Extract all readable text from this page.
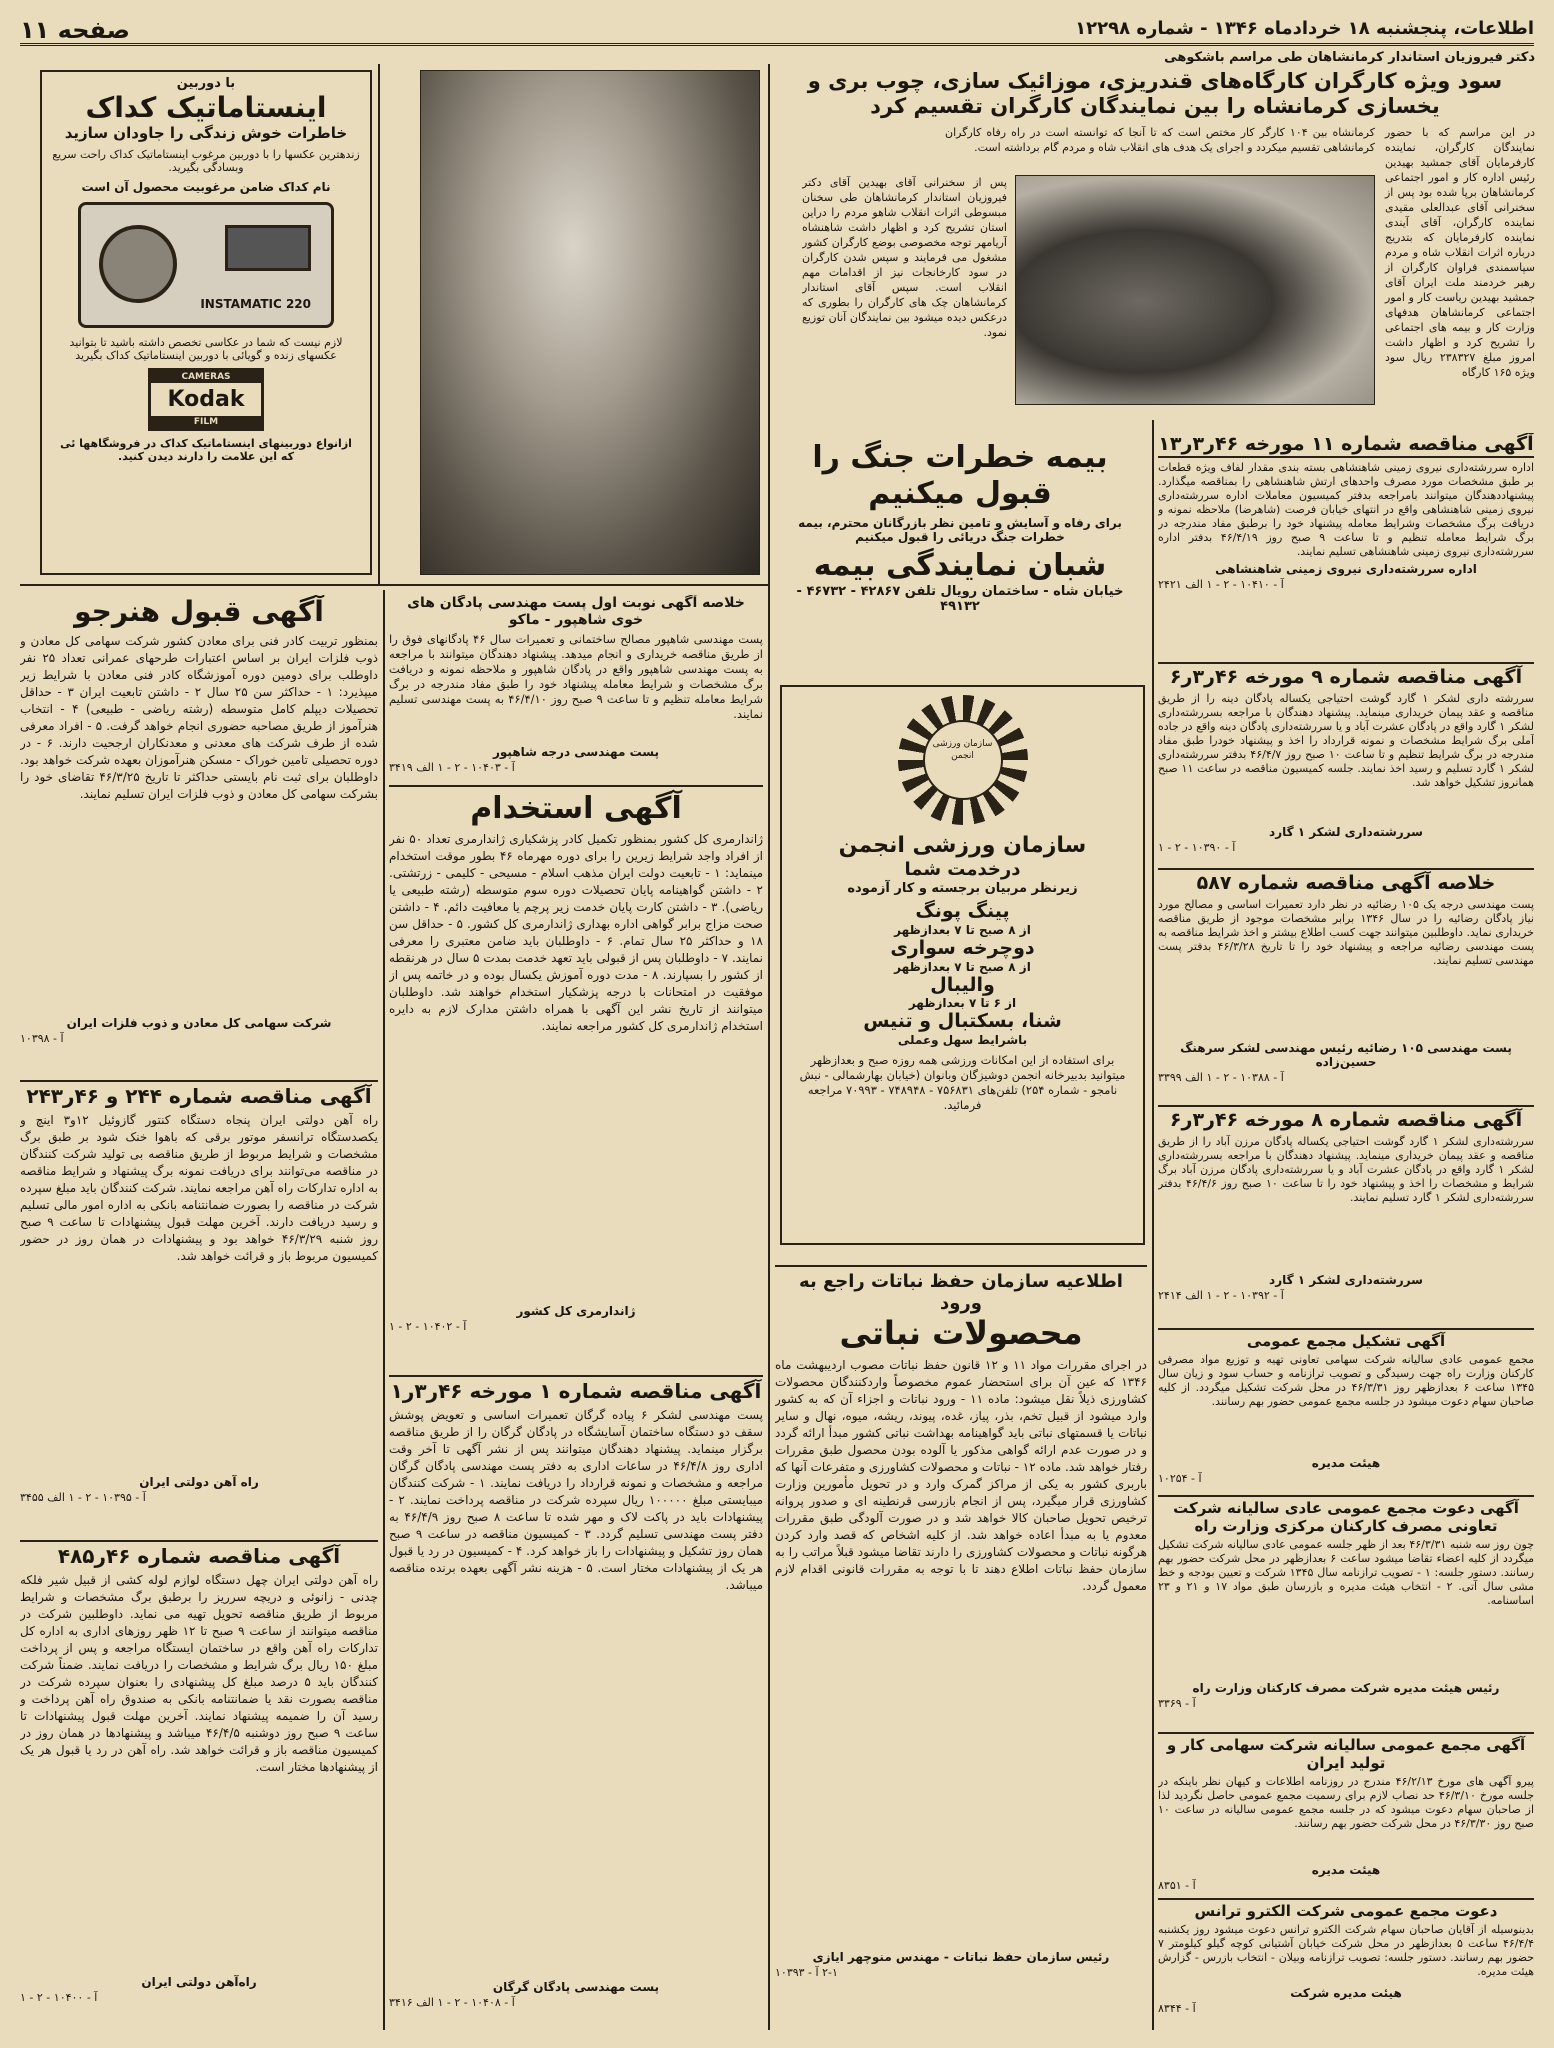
صفحه ۱۱	اطلاعات، پنجشنبه ۱۸ خردادماه ۱۳۴۶ - شماره ۱۲۲۹۸
دکتر فیروزیان استاندار کرمانشاهان طی مراسم باشکوهی
سود ویژه کارگران کارگاه‌های قندریزی، موزائیک سازی، چوب بری و یخسازی کرمانشاه را بین نمایندگان کارگران تقسیم کرد
در این مراسم که با حضور نمایندگان کارگران، نماینده کارفرمایان آقای جمشید بهیدین رئیس اداره کار و امور اجتماعی کرمانشاهان برپا شده بود پس از سخنرانی آقای عبدالعلی مقیدی نماینده کارگران، آقای آیندی نماینده کارفرمایان که بتدریج درباره اثرات انقلاب شاه و مردم سپاسمندی فراوان کارگران از رهبر خردمند ملت ایران آقای جمشید بهیدین ریاست کار و امور اجتماعی کرمانشاهان هدفهای وزارت کار و بیمه های اجتماعی را تشریح کرد و اظهار داشت امروز مبلغ ۲۳۸۳۲۷ ریال سود ویژه ۱۶۵ کارگاه
کرمانشاه بین ۱۰۴ کارگر کار مختص است که تا آنجا که توانسته است در راه رفاه کارگران کرمانشاهی تقسیم میکردد و اجرای یک هدف های انقلاب شاه و مردم گام برداشته است.
پس از سخنرانی آقای بهیدین آقای دکتر فیروزیان استاندار کرمانشاهان طی سخنان مبسوطی اثرات انقلاب شاهو مردم را دراین استان تشریح کرد و اظهار داشت شاهنشاه آریامهر توجه مخصوصی بوضع کارگران کشور مشغول می فرمایند و سپس شدن کارگران در سود کارخانجات نیز از اقدامات مهم انقلاب است. سپس آقای استاندار کرمانشاهان چک های کارگران را بطوری که درعکس دیده میشود بین نمایندگان آنان توزیع نمود.
با دوربین
اینستاماتیک کداک
خاطرات خوش زندگی را جاودان سازید
زندهترین عکسها را با دوربین مرغوب اینستاماتیک کداک راحت سریع وبسادگی بگیرید.
نام کداک ضامن مرغوبیت محصول آن است
INSTAMATIC 220
لازم نیست که شما در عکاسی تخصص داشته باشید تا بتوانید عکسهای زنده و گویائی با دوربین اینستاماتیک کداک بگیرید
CAMERAS
Kodak
FILM
ازانواع دوربینهای اینستاماتیک کداک در فروشگاهها ئی که این علامت را دارند دیدن کنید.
آگهی مناقصه شماره ۱۱ مورخه ۴۶ر۳ر۱۳
اداره سررشته‌داری نیروی زمینی شاهنشاهی بسته بندی مقدار لفاف ویژه قطعات بر طبق مشخصات مورد مصرف واحدهای ارتش شاهنشاهی را بمناقصه میگذارد. پیشنهاددهندگان میتوانند بامراجعه بدفتر کمیسیون معاملات اداره سررشته‌داری نیروی زمینی شاهنشاهی واقع در انتهای خیابان فرصت (شاهرضا) ملاحظه نمونه و دریافت برگ مشخصات وشرایط معامله پیشنهاد خود را برطبق مفاد مندرجه در برگ شرایط معامله تنظیم و تا ساعت ۹ صبح روز ۴۶/۴/۱۹ بدفتر اداره سررشته‌داری نیروی زمینی شاهنشاهی تسلیم نمایند.
اداره سررشته‌داری نیروی زمینی شاهنشاهی
آ - ۱۰۴۱۰ - ۲ - ۱ الف ۲۴۲۱
بیمه خطرات جنگ را
قبول میکنیم
برای رفاه و آسایش و تامین نظر بازرگانان محترم، بیمه خطرات جنگ دریائی را قبول میکنیم
شبان نمایندگی بیمه
خیابان شاه - ساختمان رویال تلفن ۴۲۸۶۷ - ۴۶۷۳۲ - ۴۹۱۳۲
سازمان ورزشی انجمن
سازمان ورزشی انجمن
درخدمت شما
زیرنظر مربیان برجسته و کار آزموده
پینگ پونگ
از ۸ صبح تا ۷ بعدازظهر
دوچرخه سواری
از ۸ صبح تا ۷ بعدازظهر
والیبال
از ۶ تا ۷ بعدازظهر
شنا، بسکتبال و تنیس
باشرایط سهل وعملی
برای استفاده از این امکانات ورزشی همه روزه صبح و بعدازظهر میتوانید بدبیرخانه انجمن دوشیزگان وبانوان (خیابان بهارشمالی - نبش نامجو - شماره ۲۵۴) تلفن‌های ۷۵۶۸۳۱ - ۷۴۸۹۴۸ - ۷۰۹۹۳ مراجعه فرمائید.
اطلاعیه سازمان حفظ نباتات راجع به ورود
محصولات نباتی
در اجرای مقررات مواد ۱۱ و ۱۲ قانون حفظ نباتات مصوب اردیبهشت ماه ۱۳۴۶ که عین آن برای استحضار عموم مخصوصاً واردکنندگان محصولات کشاورزی ذیلاً نقل میشود: ماده ۱۱ - ورود نباتات و اجزاء آن که به کشور وارد میشود از قبیل تخم، بذر، پیاز، غده، پیوند، ریشه، میوه، نهال و سایر نباتات یا قسمتهای نباتی باید گواهینامه بهداشت نباتی کشور مبدأ ارائه گردد و در صورت عدم ارائه گواهی مذکور یا آلوده بودن محصول طبق مقررات رفتار خواهد شد. ماده ۱۲ - نباتات و محصولات کشاورزی و متفرعات آنها که باربری کشور به یکی از مراکز گمرک وارد و در تحویل مأمورین وزارت کشاورزی قرار میگیرد، پس از انجام بازرسی قرنطینه ای و صدور پروانه ترخیص تحویل صاحبان کالا خواهد شد و در صورت آلودگی طبق مقررات معدوم یا به مبدأ اعاده خواهد شد. از کلیه اشخاص که قصد وارد کردن هرگونه نباتات و محصولات کشاورزی را دارند تقاضا میشود قبلاً مراتب را به سازمان حفظ نباتات اطلاع دهند تا با توجه به مقررات قانونی اقدام لازم معمول گردد.
رئیس سازمان حفظ نباتات - مهندس منوچهر ایازی
۲-۱ آ - ۱۰۳۹۳
آگهی قبول هنرجو
بمنظور تربیت کادر فنی برای معادن کشور شرکت سهامی کل معادن و ذوب فلزات ایران بر اساس اعتبارات طرحهای عمرانی تعداد ۲۵ نفر داوطلب برای دومین دوره آموزشگاه کادر فنی معادن با شرایط زیر میپذیرد: ۱ - حداکثر سن ۲۵ سال ۲ - داشتن تابعیت ایران ۳ - حداقل تحصیلات دیپلم کامل متوسطه (رشته ریاضی - طبیعی) ۴ - انتخاب هنرآموز از طریق مصاحبه حضوری انجام خواهد گرفت. ۵ - افراد معرفی شده از طرف شرکت های معدنی و معدنکاران ارجحیت دارند. ۶ - در دوره تحصیلی تامین خوراک - مسکن هنرآموزان بعهده شرکت خواهد بود. داوطلبان برای ثبت نام بایستی حداکثر تا تاریخ ۴۶/۳/۲۵ تقاضای خود را بشرکت سهامی کل معادن و ذوب فلزات ایران تسلیم نمایند.
شرکت سهامی کل معادن و ذوب فلزات ایران
آ - ۱۰۳۹۸
آگهی مناقصه شماره ۲۴۴ و ۴۶ر۲۴۳
راه آهن دولتی ایران پنجاه دستگاه کنتور گازوئیل ۱۲و۳ اینچ و یکصدستگاه ترانسفر موتور برقی که باهوا خنک شود بر طبق برگ مشخصات و شرایط مربوط از طریق مناقصه بی تولید شرکت کنندگان در مناقصه می‌توانند برای دریافت نمونه برگ پیشنهاد و شرایط مناقصه به اداره تدارکات راه آهن مراجعه نمایند. شرکت کنندگان باید مبلغ سپرده شرکت در مناقصه را بصورت ضمانتنامه بانکی به اداره امور مالی تسلیم و رسید دریافت دارند. آخرین مهلت قبول پیشنهادات تا ساعت ۹ صبح روز شنبه ۴۶/۳/۲۹ خواهد بود و پیشنهادات در همان روز در حضور کمیسیون مربوط باز و قرائت خواهد شد.
راه آهن دولتی ایران
آ - ۱۰۳۹۵ - ۲ - ۱ الف ۳۴۵۵
آگهی مناقصه شماره ۴۶ر۴۸۵
راه آهن دولتی ایران چهل دستگاه لوازم لوله کشی از قبیل شیر فلکه چدنی - زانوئی و دریچه سرریز را برطبق برگ مشخصات و شرایط مربوط از طریق مناقصه تحویل تهیه می نماید. داوطلبین شرکت در مناقصه میتوانند از ساعت ۹ صبح تا ۱۲ ظهر روزهای اداری به اداره کل تدارکات راه آهن واقع در ساختمان ایستگاه مراجعه و پس از پرداخت مبلغ ۱۵۰ ریال برگ شرایط و مشخصات را دریافت نمایند. ضمناً شرکت کنندگان باید ۵ درصد مبلغ کل پیشنهادی را بعنوان سپرده شرکت در مناقصه بصورت نقد یا ضمانتنامه بانکی به صندوق راه آهن پرداخت و رسید آن را ضمیمه پیشنهاد نمایند. آخرین مهلت قبول پیشنهادات تا ساعت ۹ صبح روز دوشنبه ۴۶/۴/۵ میباشد و پیشنهادها در همان روز در کمیسیون مناقصه باز و قرائت خواهد شد. راه آهن در رد یا قبول هر یک از پیشنهادها مختار است.
راه‌آهن دولتی ایران
آ - ۱۰۴۰۰ - ۲ - ۱
خلاصه آگهی نوبت اول پست مهندسی پادگان های خوی شاهپور - ماکو
پست مهندسی شاهپور مصالح ساختمانی و تعمیرات سال ۴۶ پادگانهای فوق را از طریق مناقصه خریداری و انجام میدهد. پیشنهاد دهندگان میتوانند با مراجعه به پست مهندسی شاهپور واقع در پادگان شاهپور و ملاحظه نمونه و دریافت برگ مشخصات و شرایط معامله پیشنهاد خود را طبق مفاد مندرجه در برگ شرایط معامله تنظیم و تا ساعت ۹ صبح روز ۴۶/۴/۱۰ به پست مهندسی تسلیم نمایند.
پست مهندسی درجه شاهپور
آ - ۱۰۴۰۳ - ۲ - ۱ الف ۳۴۱۹
آگهی استخدام
ژاندارمری کل کشور بمنظور تکمیل کادر پزشکیاری ژاندارمری تعداد ۵۰ نفر از افراد واجد شرایط زیرین را برای دوره مهرماه ۴۶ بطور موقت استخدام مینماید: ۱ - تابعیت دولت ایران مذهب اسلام - مسیحی - کلیمی - زرتشتی. ۲ - داشتن گواهینامه پایان تحصیلات دوره سوم متوسطه (رشته طبیعی یا ریاضی). ۳ - داشتن کارت پایان خدمت زیر پرچم یا معافیت دائم. ۴ - داشتن صحت مزاج برابر گواهی اداره بهداری ژاندارمری کل کشور. ۵ - حداقل سن ۱۸ و حداکثر ۲۵ سال تمام. ۶ - داوطلبان باید ضامن معتبری را معرفی نمایند. ۷ - داوطلبان پس از قبولی باید تعهد خدمت بمدت ۵ سال در هرنقطه از کشور را بسپارند. ۸ - مدت دوره آموزش یکسال بوده و در خاتمه پس از موفقیت در امتحانات با درجه پزشکیار استخدام خواهند شد. داوطلبان میتوانند از تاریخ نشر این آگهی با همراه داشتن مدارک لازم به دایره استخدام ژاندارمری کل کشور مراجعه نمایند.
ژاندارمری کل کشور
آ - ۱۰۴۰۲ - ۲ - ۱
آگهی مناقصه شماره ۱ مورخه ۴۶ر۳ر۱
پست مهندسی لشکر ۶ پیاده گرگان تعمیرات اساسی و تعویض پوشش سقف دو دستگاه ساختمان آسایشگاه در پادگان گرگان را از طریق مناقصه برگزار مینماید. پیشنهاد دهندگان میتوانند پس از نشر آگهی تا آخر وقت اداری روز ۴۶/۴/۸ در ساعات اداری به دفتر پست مهندسی پادگان گرگان مراجعه و مشخصات و نمونه قرارداد را دریافت نمایند. ۱ - شرکت کنندگان میبایستی مبلغ ۱۰۰۰۰۰ ریال سپرده شرکت در مناقصه پرداخت نمایند. ۲ - پیشنهادات باید در پاکت لاک و مهر شده تا ساعت ۸ صبح روز ۴۶/۴/۹ به دفتر پست مهندسی تسلیم گردد. ۳ - کمیسیون مناقصه در ساعت ۹ صبح همان روز تشکیل و پیشنهادات را باز خواهد کرد. ۴ - کمیسیون در رد یا قبول هر یک از پیشنهادات مختار است. ۵ - هزینه نشر آگهی بعهده برنده مناقصه میباشد.
پست مهندسی پادگان گرگان
آ - ۱۰۴۰۸ - ۲ - ۱ الف ۳۴۱۶
آگهی مناقصه شماره ۹ مورخه ۴۶ر۳ر۶
سررشته داری لشکر ۱ گارد گوشت احتیاجی یکساله پادگان دینه را از طریق مناقصه و عقد پیمان خریداری مینماید. پیشنهاد دهندگان با مراجعه بسررشته‌داری لشکر ۱ گارد واقع در پادگان عشرت آباد و یا سررشته‌داری پادگان دینه واقع در جاده آملی برگ شرایط مشخصات و نمونه قرارداد را اخذ و پیشنهاد خودرا طبق مفاد مندرجه در برگ شرایط تنظیم و تا ساعت ۱۰ صبح روز ۴۶/۴/۷ بدفتر سررشته‌داری لشکر ۱ گارد تسلیم و رسید اخذ نمایند. جلسه کمیسیون مناقصه در ساعت ۱۱ صبح همانروز تشکیل خواهد شد.
سررشته‌داری لشکر ۱ گارد
آ - ۱۰۳۹۰ - ۲ - ۱
خلاصه آگهی مناقصه شماره ۵۸۷
پست مهندسی درجه یک ۱۰۵ رضائیه در نظر دارد تعمیرات اساسی و مصالح مورد نیاز پادگان رضائیه را در سال ۱۳۴۶ برابر مشخصات موجود از طریق مناقصه خریداری نماید. داوطلبین میتوانند جهت کسب اطلاع بیشتر و اخذ شرایط مناقصه به پست مهندسی رضائیه مراجعه و پیشنهاد خود را تا تاریخ ۴۶/۳/۲۸ بدفتر پست مهندسی تسلیم نمایند.
پست مهندسی ۱۰۵ رضائیه رئیس مهندسی لشکر سرهنگ حسین‌زاده
آ - ۱۰۳۸۸ - ۲ - ۱ الف ۳۳۹۹
آگهی مناقصه شماره ۸ مورخه ۴۶ر۳ر۶
سررشته‌داری لشکر ۱ گارد گوشت احتیاجی یکساله پادگان مرزن آباد را از طریق مناقصه و عقد پیمان خریداری مینماید. پیشنهاد دهندگان با مراجعه بسررشته‌داری لشکر ۱ گارد واقع در پادگان عشرت آباد و یا سررشته‌داری پادگان مرزن آباد برگ شرایط و مشخصات را اخذ و پیشنهاد خود را تا ساعت ۱۰ صبح روز ۴۶/۴/۶ بدفتر سررشته‌داری لشکر ۱ گارد تسلیم نمایند.
سررشته‌داری لشکر ۱ گارد
آ - ۱۰۳۹۲ - ۲ - ۱ الف ۲۴۱۴
آگهی تشکیل مجمع عمومی
مجمع عمومی عادی سالیانه شرکت سهامی تعاونی تهیه و توزیع مواد مصرفی کارکنان وزارت راه جهت رسیدگی و تصویب ترازنامه و حساب سود و زیان سال ۱۳۴۵ ساعت ۶ بعدازظهر روز ۴۶/۳/۳۱ در محل شرکت تشکیل میگردد. از کلیه صاحبان سهام دعوت میشود در جلسه مجمع عمومی حضور بهم رسانند.
هیئت مدیره
آ - ۱۰۲۵۴
آگهی دعوت مجمع عمومی عادی سالیانه شرکت تعاونی مصرف کارکنان مرکزی وزارت راه
چون روز سه شنبه ۴۶/۳/۳۱ بعد از ظهر جلسه عمومی عادی سالیانه شرکت تشکیل میگردد از کلیه اعضاء تقاضا میشود ساعت ۶ بعدازظهر در محل شرکت حضور بهم رسانند. دستور جلسه: ۱ - تصویب ترازنامه سال ۱۳۴۵ شرکت و تعیین بودجه و خط مشی سال آتی. ۲ - انتخاب هیئت مدیره و بازرسان طبق مواد ۱۷ و ۲۱ و ۲۳ اساسنامه.
رئیس هیئت مدیره شرکت مصرف کارکنان وزارت راه
آ - ۳۳۶۹
آگهی مجمع عمومی سالیانه شرکت سهامی کار و تولید ایران
پیرو آگهی های مورخ ۴۶/۲/۱۳ مندرج در روزنامه اطلاعات و کیهان نظر باینکه در جلسه مورخ ۴۶/۳/۱۰ حد نصاب لازم برای رسمیت مجمع عمومی حاصل نگردید لذا از صاحبان سهام دعوت میشود که در جلسه مجمع عمومی سالیانه در ساعت ۱۰ صبح روز ۴۶/۳/۳۰ در محل شرکت حضور بهم رسانند.
هیئت مدیره
آ - ۸۳۵۱
دعوت مجمع عمومی شرکت الکترو ترانس
بدینوسیله از آقایان صاحبان سهام شرکت الکترو ترانس دعوت میشود روز یکشنبه ۴۶/۴/۴ ساعت ۵ بعدازظهر در محل شرکت خیابان آشتیانی کوچه گیلو کیلومتر ۷ حضور بهم رسانند. دستور جلسه: تصویب ترازنامه وبیلان - انتخاب بازرس - گزارش هیئت مدیره.
هیئت مدیره شرکت
آ - ۸۳۴۴
